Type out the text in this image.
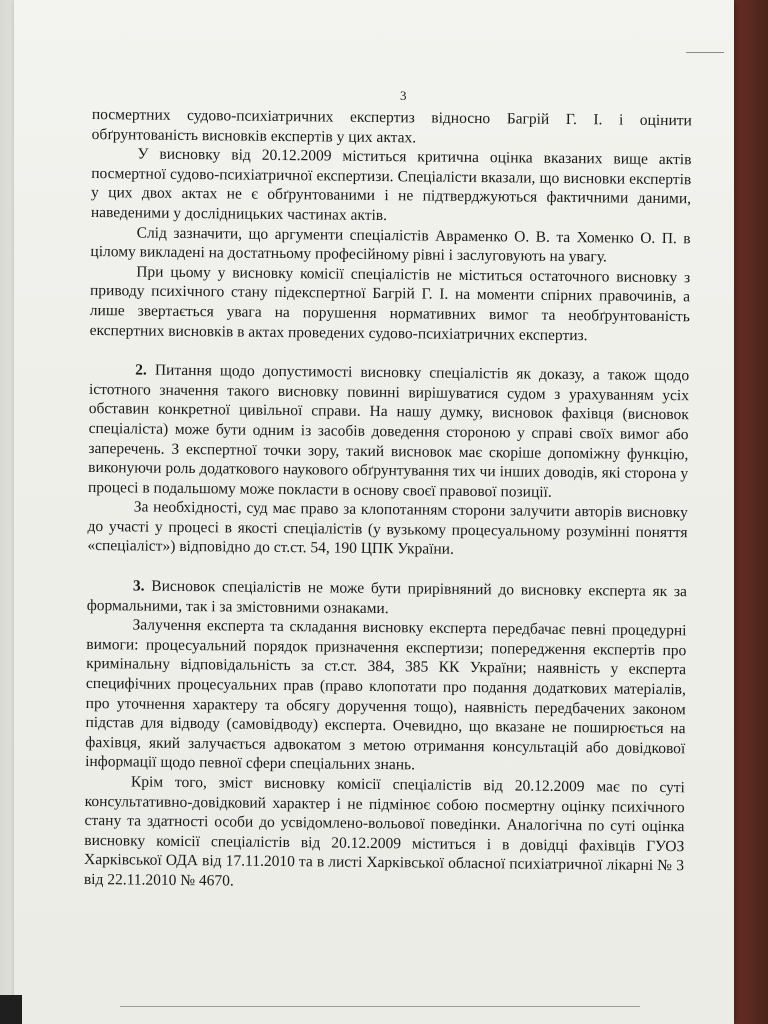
3

посмертних судово-психіатричних експертиз відносно Багрій Г. І. і оцінити обґрунтованість висновків експертів у цих актах.

У висновку від 20.12.2009 міститься критична оцінка вказаних вище актів посмертної судово-психіатричної експертизи. Спеціалісти вказали, що висновки експертів у цих двох актах не є обґрунтованими і не підтверджуються фактичними даними, наведеними у дослідницьких частинах актів.

Слід зазначити, що аргументи спеціалістів Авраменко О. В. та Хоменко О. П. в цілому викладені на достатньому професійному рівні і заслуговують на увагу.

При цьому у висновку комісії спеціалістів не міститься остаточного висновку з приводу психічного стану підекспертної Багрій Г. І. на моменти спірних правочинів, а лише звертається увага на порушення нормативних вимог та необґрунтованість експертних висновків в актах проведених судово-психіатричних експертиз.

2. Питання щодо допустимості висновку спеціалістів як доказу, а також щодо істотного значення такого висновку повинні вирішуватися судом з урахуванням усіх обставин конкретної цивільної справи. На нашу думку, висновок фахівця (висновок спеціаліста) може бути одним із засобів доведення стороною у справі своїх вимог або заперечень. З експертної точки зору, такий висновок має скоріше допоміжну функцію, виконуючи роль додаткового наукового обґрунтування тих чи інших доводів, які сторона у процесі в подальшому може покласти в основу своєї правової позиції.

За необхідності, суд має право за клопотанням сторони залучити авторів висновку до участі у процесі в якості спеціалістів (у вузькому процесуальному розумінні поняття «спеціаліст») відповідно до ст.ст. 54, 190 ЦПК України.

3. Висновок спеціалістів не може бути прирівняний до висновку експерта як за формальними, так і за змістовними ознаками.

Залучення експерта та складання висновку експерта передбачає певні процедурні вимоги: процесуальний порядок призначення експертизи; попередження експертів про кримінальну відповідальність за ст.ст. 384, 385 КК України; наявність у експерта специфічних процесуальних прав (право клопотати про подання додаткових матеріалів, про уточнення характеру та обсягу доручення тощо), наявність передбачених законом підстав для відводу (самовідводу) експерта. Очевидно, що вказане не поширюється на фахівця, який залучається адвокатом з метою отримання консультацій або довідкової інформації щодо певної сфери спеціальних знань.

Крім того, зміст висновку комісії спеціалістів від 20.12.2009 має по суті консультативно-довідковий характер і не підмінює собою посмертну оцінку психічного стану та здатності особи до усвідомлено-вольової поведінки. Аналогічна по суті оцінка висновку комісії спеціалістів від 20.12.2009 міститься і в довідці фахівців ГУОЗ Харківської ОДА від 17.11.2010 та в листі Харківської обласної психіатричної лікарні № 3 від 22.11.2010 № 4670.
